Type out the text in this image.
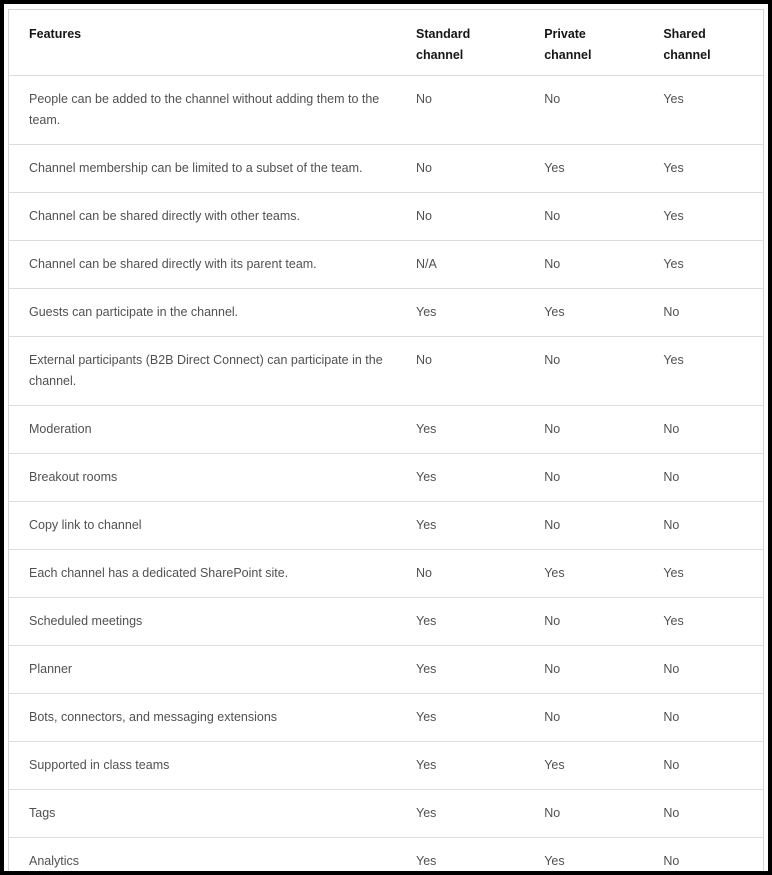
Features	Standard channel	Private channel	Shared channel

People can be added to the channel without adding them to the team.	No	No	Yes
Channel membership can be limited to a subset of the team.	No	Yes	Yes
Channel can be shared directly with other teams.	No	No	Yes
Channel can be shared directly with its parent team.	N/A	No	Yes
Guests can participate in the channel.	Yes	Yes	No
External participants (B2B Direct Connect) can participate in the channel.	No	No	Yes
Moderation	Yes	No	No
Breakout rooms	Yes	No	No
Copy link to channel	Yes	No	No
Each channel has a dedicated SharePoint site.	No	Yes	Yes
Scheduled meetings	Yes	No	Yes
Planner	Yes	No	No
Bots, connectors, and messaging extensions	Yes	No	No
Supported in class teams	Yes	Yes	No
Tags	Yes	No	No
Analytics	Yes	Yes	No
